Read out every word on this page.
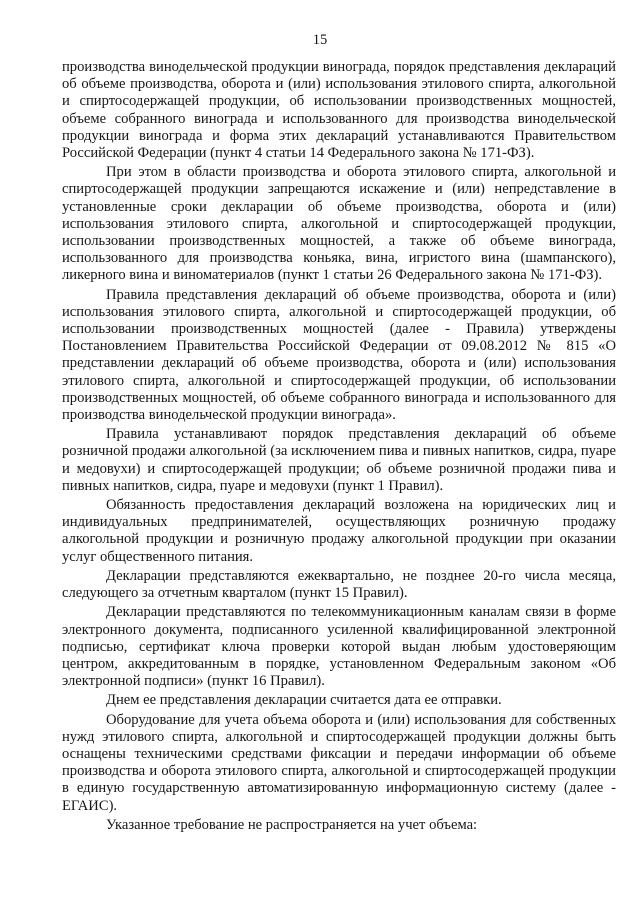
15

производства винодельческой продукции винограда, порядок представления деклараций об объеме производства, оборота и (или) использования этилового спирта, алкогольной и спиртосодержащей продукции, об использовании производственных мощностей, объеме собранного винограда и использованного для производства винодельческой продукции винограда и форма этих деклараций устанавливаются Правительством Российской Федерации (пункт 4 статьи 14 Федерального закона № 171-ФЗ).

При этом в области производства и оборота этилового спирта, алкогольной и спиртосодержащей продукции запрещаются искажение и (или) непредставление в установленные сроки декларации об объеме производства, оборота и (или) использования этилового спирта, алкогольной и спиртосодержащей продукции, использовании производственных мощностей, а также об объеме винограда, использованного для производства коньяка, вина, игристого вина (шампанского), ликерного вина и виноматериалов (пункт 1 статьи 26 Федерального закона № 171-ФЗ).

Правила представления деклараций об объеме производства, оборота и (или) использования этилового спирта, алкогольной и спиртосодержащей продукции, об использовании производственных мощностей (далее - Правила) утверждены Постановлением Правительства Российской Федерации от 09.08.2012 № 815 «О представлении деклараций об объеме производства, оборота и (или) использования этилового спирта, алкогольной и спиртосодержащей продукции, об использовании производственных мощностей, об объеме собранного винограда и использованного для производства винодельческой продукции винограда».

Правила устанавливают порядок представления деклараций об объеме розничной продажи алкогольной (за исключением пива и пивных напитков, сидра, пуаре и медовухи) и спиртосодержащей продукции; об объеме розничной продажи пива и пивных напитков, сидра, пуаре и медовухи (пункт 1 Правил).

Обязанность предоставления деклараций возложена на юридических лиц и индивидуальных предпринимателей, осуществляющих розничную продажу алкогольной продукции и розничную продажу алкогольной продукции при оказании услуг общественного питания.

Декларации представляются ежеквартально, не позднее 20-го числа месяца, следующего за отчетным кварталом (пункт 15 Правил).

Декларации представляются по телекоммуникационным каналам связи в форме электронного документа, подписанного усиленной квалифицированной электронной подписью, сертификат ключа проверки которой выдан любым удостоверяющим центром, аккредитованным в порядке, установленном Федеральным законом «Об электронной подписи» (пункт 16 Правил).

Днем ее представления декларации считается дата ее отправки.

Оборудование для учета объема оборота и (или) использования для собственных нужд этилового спирта, алкогольной и спиртосодержащей продукции должны быть оснащены техническими средствами фиксации и передачи информации об объеме производства и оборота этилового спирта, алкогольной и спиртосодержащей продукции в единую государственную автоматизированную информационную систему (далее - ЕГАИС).

Указанное требование не распространяется на учет объема:
